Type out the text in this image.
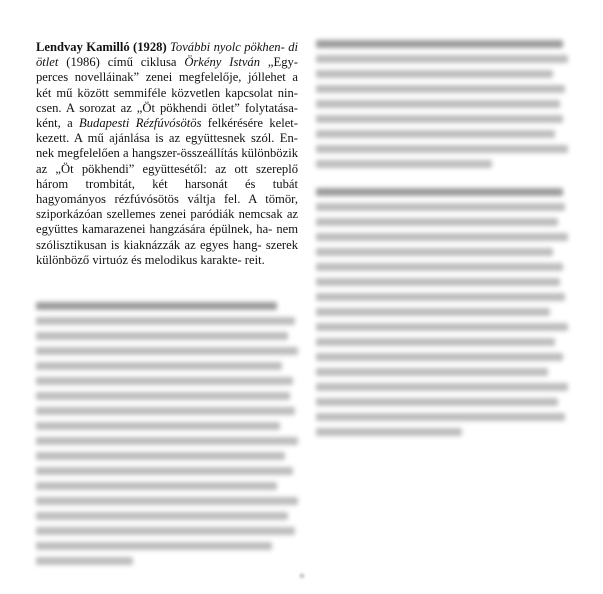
Lendvay Kamilló (1928) További nyolc pökhen- di ötlet (1986) című ciklusa Örkény István „Egy- perces novelláinak” zenei megfelelője, jóllehet a két mű között semmiféle közvetlen kapcsolat nin- csen. A sorozat az „Öt pökhendi ötlet” folytatása- ként, a Budapesti Rézfúvósötös felkérésére kelet- kezett. A mű ajánlása is az együttesnek szól. En- nek megfelelően a hangszer-összeállítás különbözik az „Öt pökhendi” együttesétől: az ott szereplő három trombitát, két harsonát és tubát hagyományos rézfúvósötös váltja fel. A tömör, sziporkázóan szellemes zenei paródiák nemcsak az együttes kamarazenei hangzására épülnek, ha- nem szólisztikusan is kiaknázzák az egyes hang- szerek különböző virtuóz és melodikus karakte- reit.

•
